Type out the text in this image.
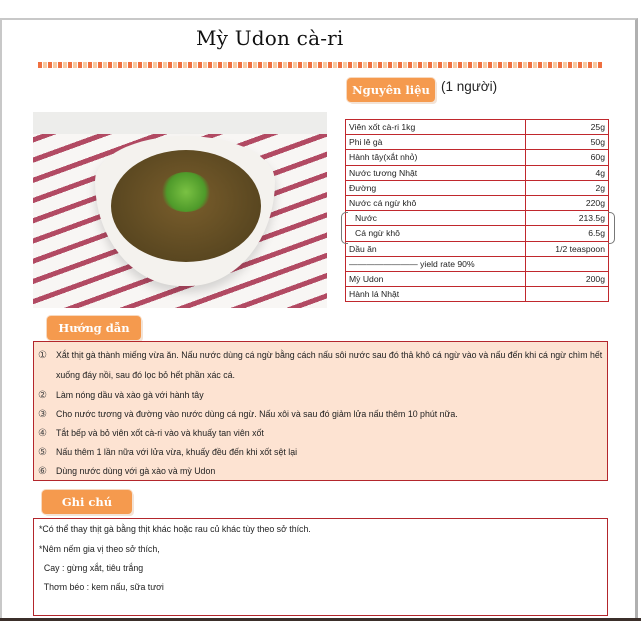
Mỳ Udon cà-ri
Nguyên liệu (1 người)
Viên xốt cà-ri 1kg	25g
Phi lê gà	50g
Hành tây(xắt nhỏ)	60g
Nước tương Nhật	4g
Đường	2g
Nước cá ngừ khô	220g
Nước	213.5g
Cá ngừ khô	6.5g
Dầu ăn	1/2 teaspoon
———————— yield rate 90%	
Mỳ Udon	200g
Hành lá Nhật	
Hướng dẫn
①	Xắt thịt gà thành miếng vừa ăn. Nấu nước dùng cá ngừ bằng cách nấu sôi nước sau đó thả khô cá ngừ vào và nấu đến khi cá ngừ chìm hết xuống đáy nồi, sau đó lọc bỏ hết phần xác cá.
②	Làm nóng dầu và xào gà với hành tây
③	Cho nước tương và đường vào nước dùng cá ngừ. Nấu xôi và sau đó giảm lửa nấu thêm 10 phút nữa.
④	Tắt bếp và bỏ viên xốt cà-ri vào và khuấy tan viên xốt
⑤	Nấu thêm 1 lần nữa với lửa vừa, khuấy đều đến khi xốt sệt lại
⑥	Dùng nước dùng với gà xào và mỳ Udon
Ghi chú
*Có thể thay thịt gà bằng thịt khác hoặc rau củ khác tùy theo sở thích.
*Nêm nếm gia vị theo sở thích,
Cay : gừng xắt, tiêu trắng
Thơm béo : kem nấu, sữa tươi
